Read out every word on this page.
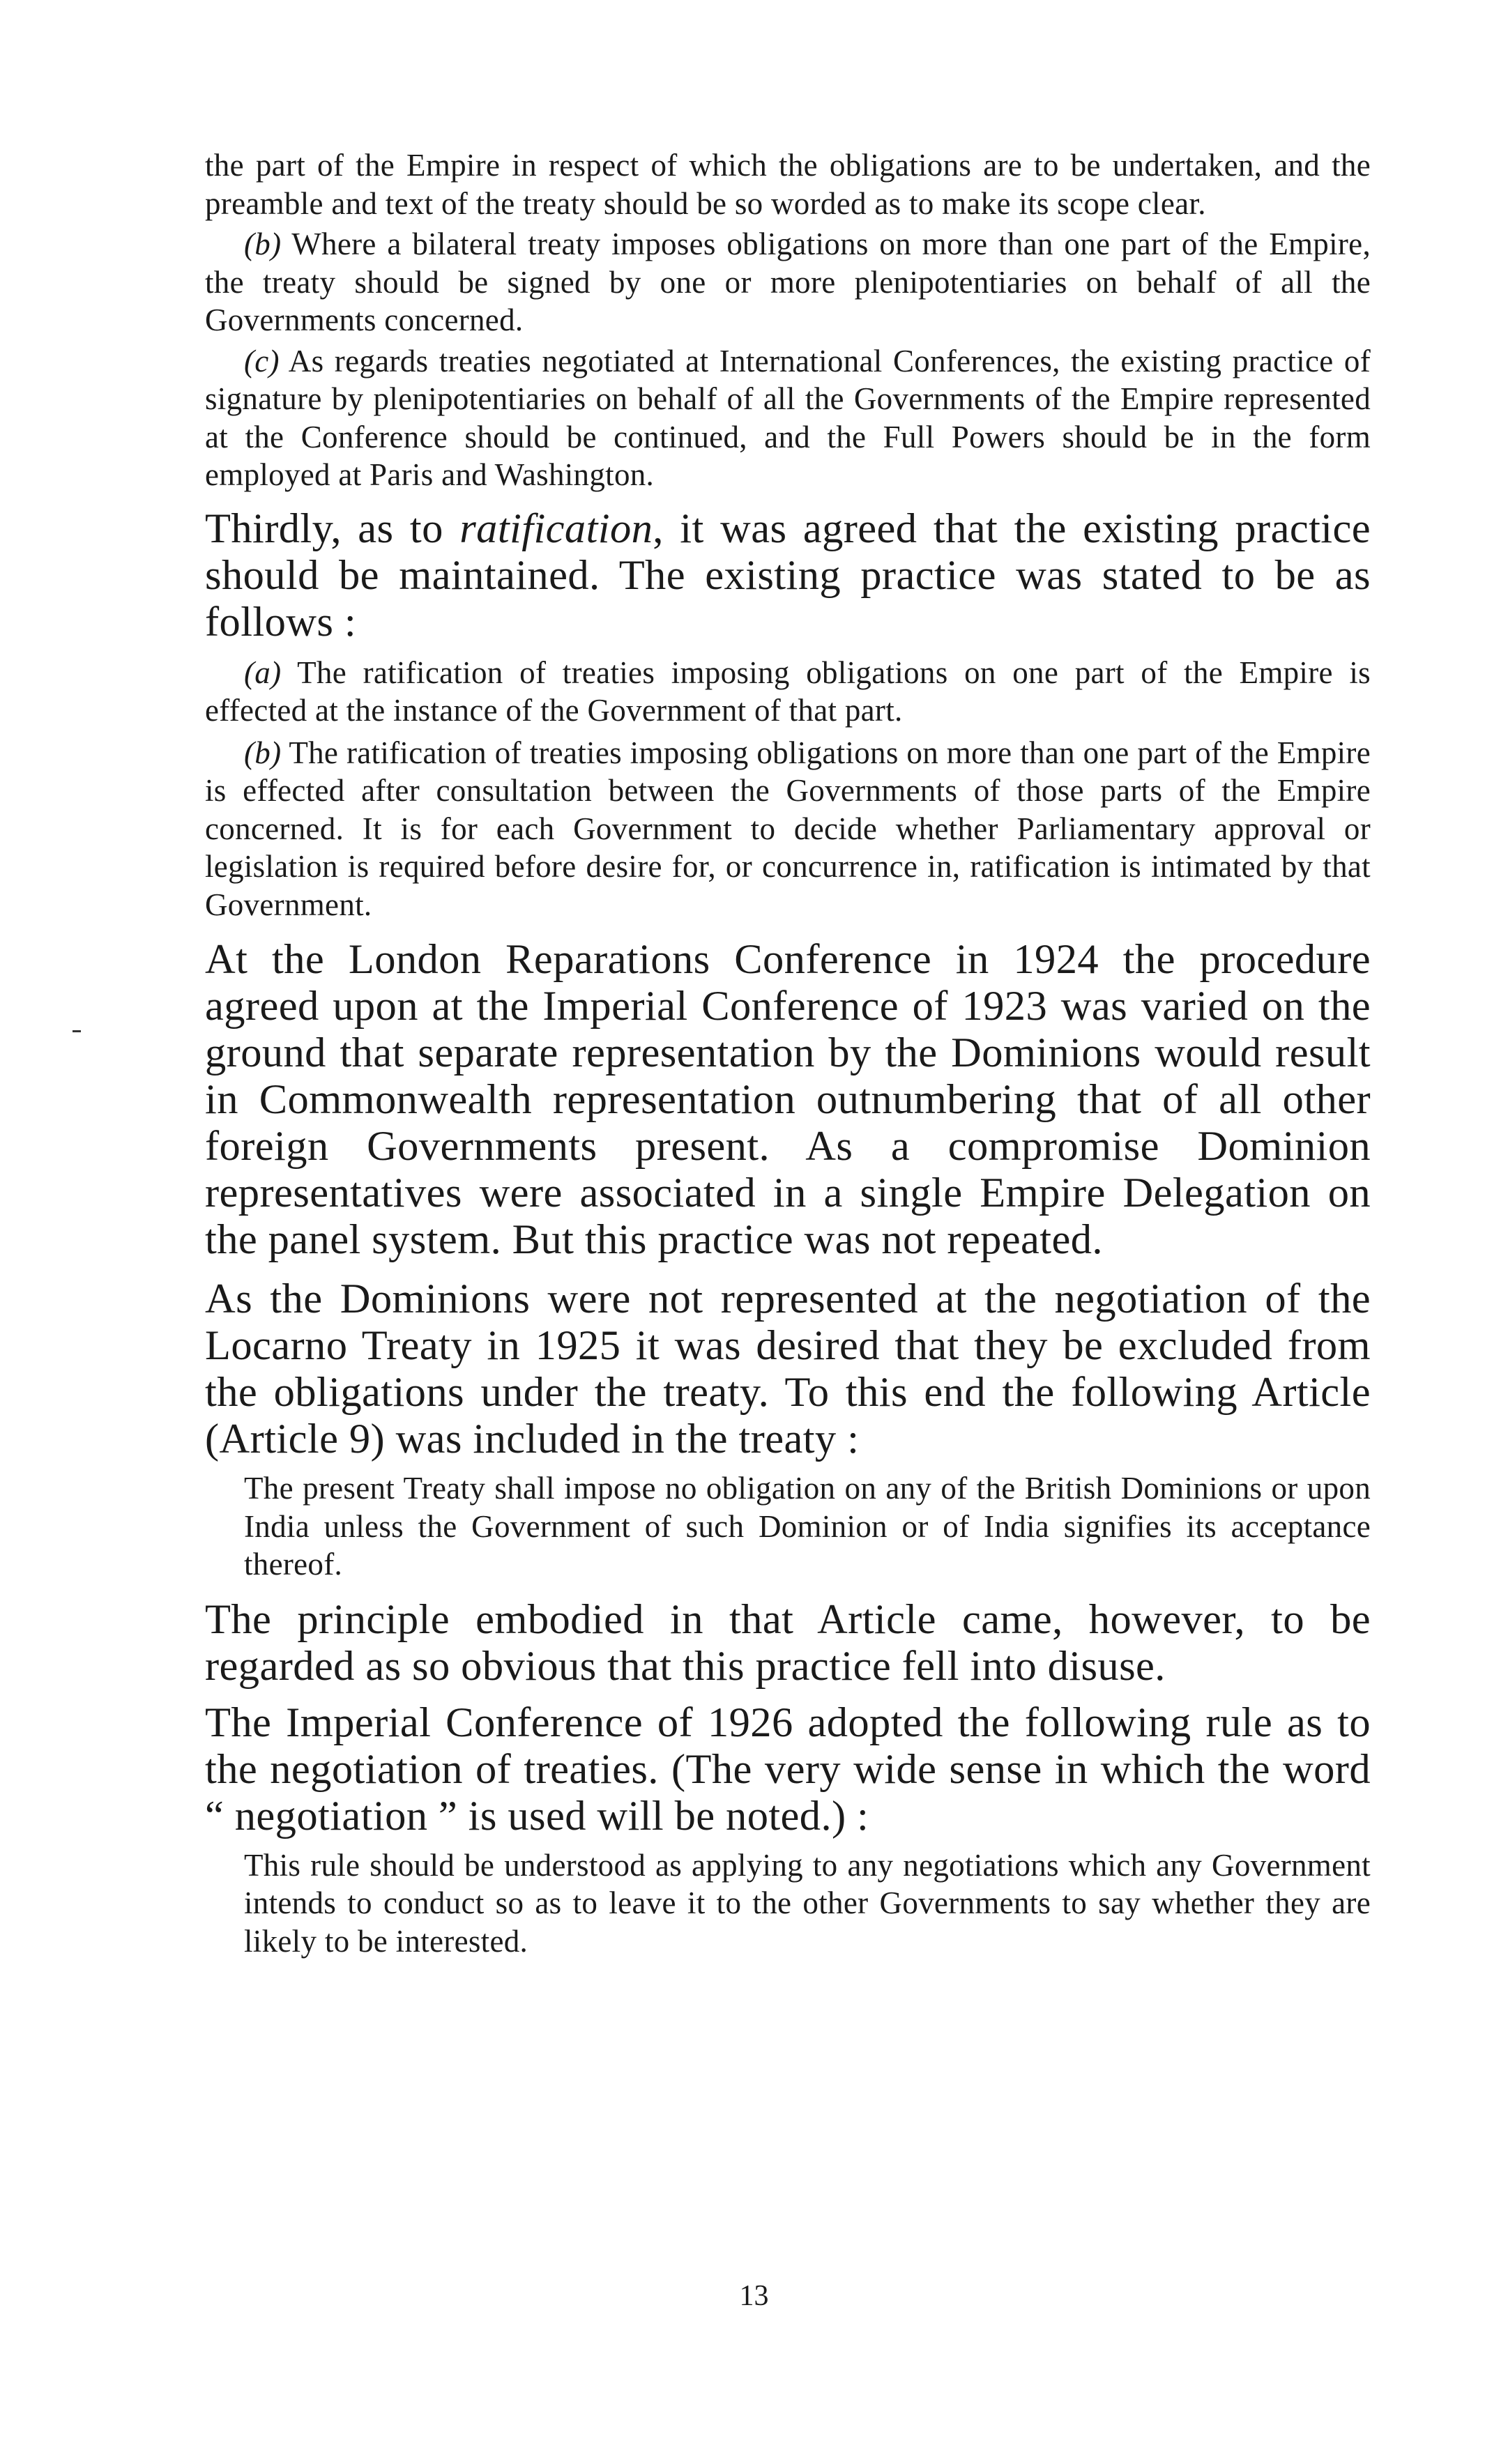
the part of the Empire in respect of which the obligations are to be undertaken, and the preamble and text of the treaty should be so worded as to make its scope clear.

(b) Where a bilateral treaty imposes obligations on more than one part of the Empire, the treaty should be signed by one or more plenipotentiaries on behalf of all the Governments concerned.

(c) As regards treaties negotiated at International Conferences, the existing practice of signature by plenipotentiaries on behalf of all the Governments of the Empire represented at the Conference should be continued, and the Full Powers should be in the form employed at Paris and Washington.

Thirdly, as to ratification, it was agreed that the existing practice should be maintained. The existing practice was stated to be as follows :

(a) The ratification of treaties imposing obligations on one part of the Empire is effected at the instance of the Government of that part.

(b) The ratification of treaties imposing obligations on more than one part of the Empire is effected after consultation between the Governments of those parts of the Empire concerned. It is for each Government to decide whether Parliamentary approval or legislation is required before desire for, or concurrence in, ratification is intimated by that Government.

At the London Reparations Conference in 1924 the procedure agreed upon at the Imperial Conference of 1923 was varied on the ground that separate representation by the Dominions would result in Commonwealth representation outnumbering that of all other foreign Governments present. As a compromise Dominion representatives were associated in a single Empire Delegation on the panel system. But this practice was not repeated.

As the Dominions were not represented at the negotiation of the Locarno Treaty in 1925 it was desired that they be excluded from the obligations under the treaty. To this end the following Article (Article 9) was included in the treaty :

The present Treaty shall impose no obligation on any of the British Dominions or upon India unless the Government of such Dominion or of India signifies its acceptance thereof.

The principle embodied in that Article came, however, to be regarded as so obvious that this practice fell into disuse.

The Imperial Conference of 1926 adopted the following rule as to the negotiation of treaties. (The very wide sense in which the word “ negotiation ” is used will be noted.) :

This rule should be understood as applying to any negotiations which any Government intends to conduct so as to leave it to the other Governments to say whether they are likely to be interested.

13
